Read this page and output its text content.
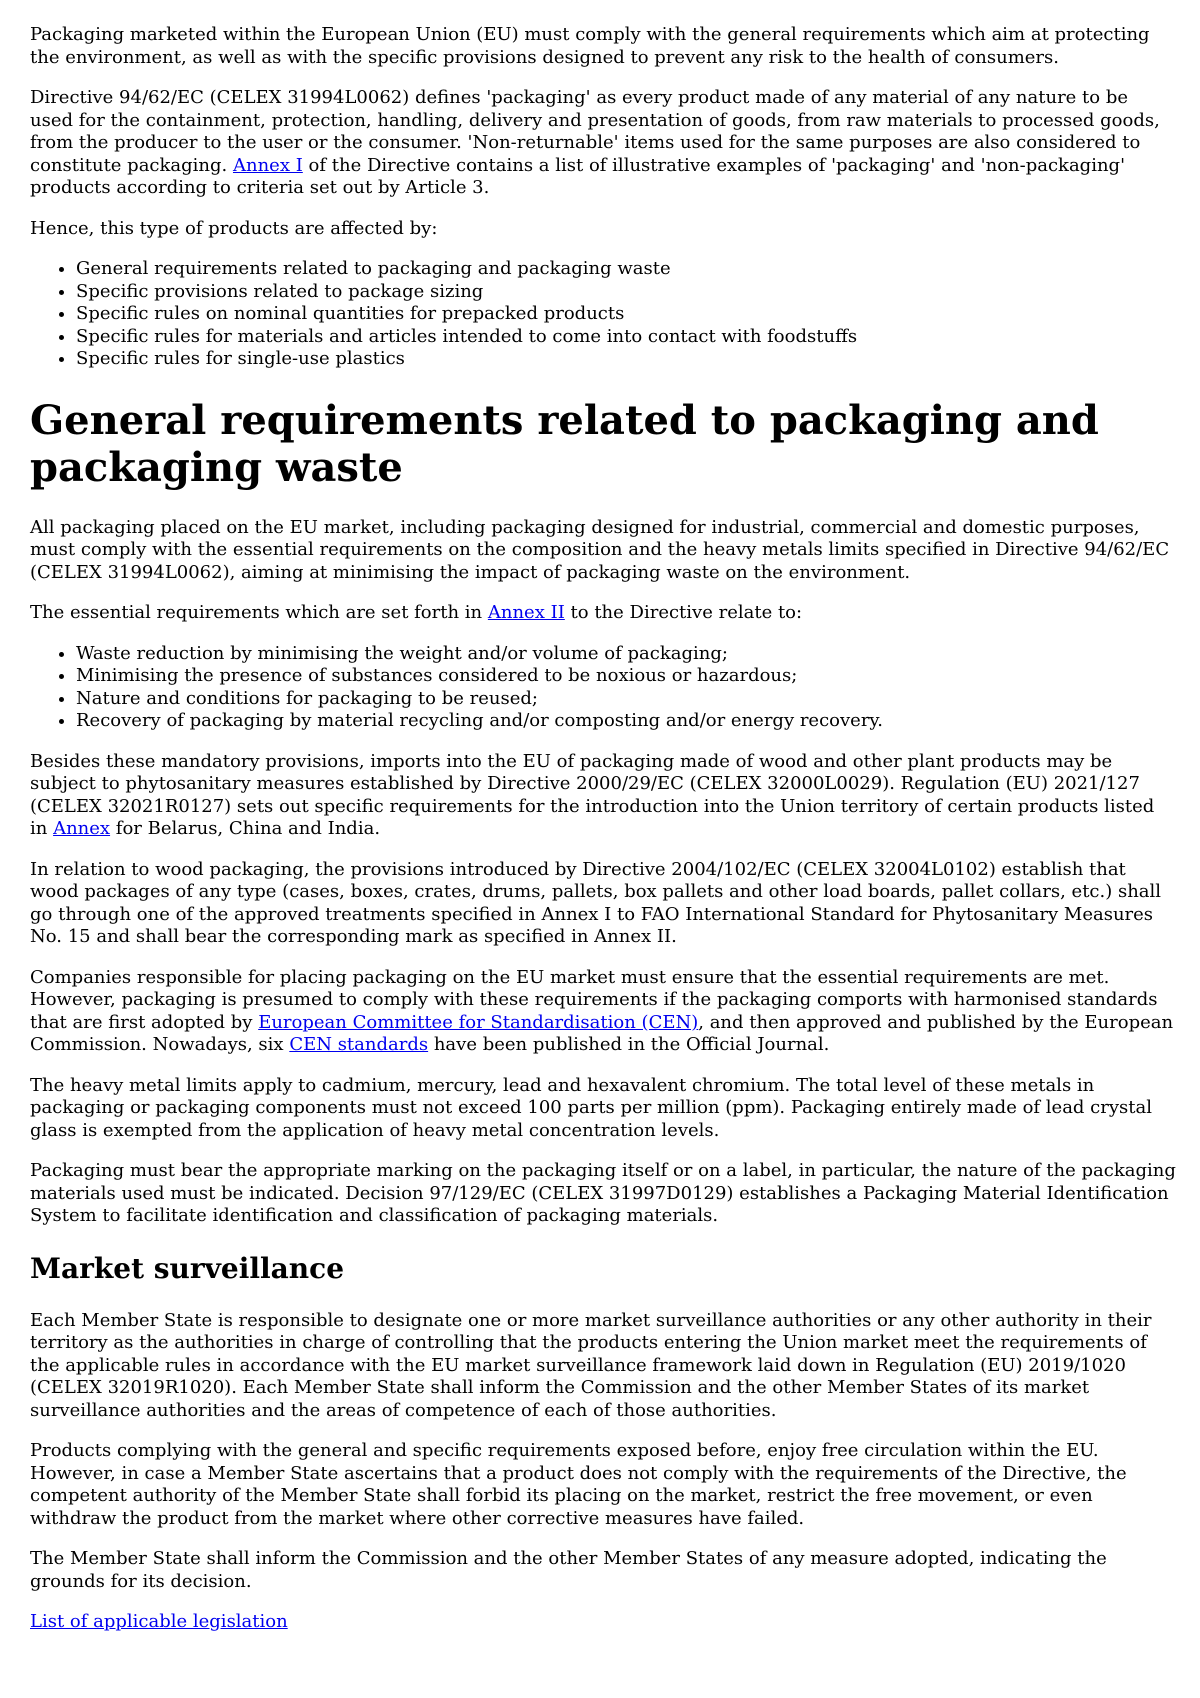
Packaging marketed within the European Union (EU) must comply with the general requirements which aim at protecting the environment, as well as with the specific provisions designed to prevent any risk to the health of consumers.

Directive 94/62/EC (CELEX 31994L0062) defines 'packaging' as every product made of any material of any nature to be used for the containment, protection, handling, delivery and presentation of goods, from raw materials to processed goods, from the producer to the user or the consumer. 'Non-returnable' items used for the same purposes are also considered to constitute packaging. Annex I of the Directive contains a list of illustrative examples of 'packaging' and 'non-packaging' products according to criteria set out by Article 3.

Hence, this type of products are affected by:

• General requirements related to packaging and packaging waste
• Specific provisions related to package sizing
• Specific rules on nominal quantities for prepacked products
• Specific rules for materials and articles intended to come into contact with foodstuffs
• Specific rules for single-use plastics
General requirements related to packaging and packaging waste

All packaging placed on the EU market, including packaging designed for industrial, commercial and domestic purposes, must comply with the essential requirements on the composition and the heavy metals limits specified in Directive 94/62/EC (CELEX 31994L0062), aiming at minimising the impact of packaging waste on the environment.

The essential requirements which are set forth in Annex II to the Directive relate to:

• Waste reduction by minimising the weight and/or volume of packaging;
• Minimising the presence of substances considered to be noxious or hazardous;
• Nature and conditions for packaging to be reused;
• Recovery of packaging by material recycling and/or composting and/or energy recovery.

Besides these mandatory provisions, imports into the EU of packaging made of wood and other plant products may be subject to phytosanitary measures established by Directive 2000/29/EC (CELEX 32000L0029). Regulation (EU) 2021/127 (CELEX 32021R0127) sets out specific requirements for the introduction into the Union territory of certain products listed in Annex for Belarus, China and India.

In relation to wood packaging, the provisions introduced by Directive 2004/102/EC (CELEX 32004L0102) establish that wood packages of any type (cases, boxes, crates, drums, pallets, box pallets and other load boards, pallet collars, etc.) shall go through one of the approved treatments specified in Annex I to FAO International Standard for Phytosanitary Measures No. 15 and shall bear the corresponding mark as specified in Annex II.

Companies responsible for placing packaging on the EU market must ensure that the essential requirements are met. However, packaging is presumed to comply with these requirements if the packaging comports with harmonised standards that are first adopted by European Committee for Standardisation (CEN), and then approved and published by the European Commission. Nowadays, six CEN standards have been published in the Official Journal.

The heavy metal limits apply to cadmium, mercury, lead and hexavalent chromium. The total level of these metals in packaging or packaging components must not exceed 100 parts per million (ppm). Packaging entirely made of lead crystal glass is exempted from the application of heavy metal concentration levels.

Packaging must bear the appropriate marking on the packaging itself or on a label, in particular, the nature of the packaging materials used must be indicated. Decision 97/129/EC (CELEX 31997D0129) establishes a Packaging Material Identification System to facilitate identification and classification of packaging materials.

Market surveillance

Each Member State is responsible to designate one or more market surveillance authorities or any other authority in their territory as the authorities in charge of controlling that the products entering the Union market meet the requirements of the applicable rules in accordance with the EU market surveillance framework laid down in Regulation (EU) 2019/1020 (CELEX 32019R1020). Each Member State shall inform the Commission and the other Member States of its market surveillance authorities and the areas of competence of each of those authorities.

Products complying with the general and specific requirements exposed before, enjoy free circulation within the EU. However, in case a Member State ascertains that a product does not comply with the requirements of the Directive, the competent authority of the Member State shall forbid its placing on the market, restrict the free movement, or even withdraw the product from the market where other corrective measures have failed.

The Member State shall inform the Commission and the other Member States of any measure adopted, indicating the grounds for its decision.

List of applicable legislation
